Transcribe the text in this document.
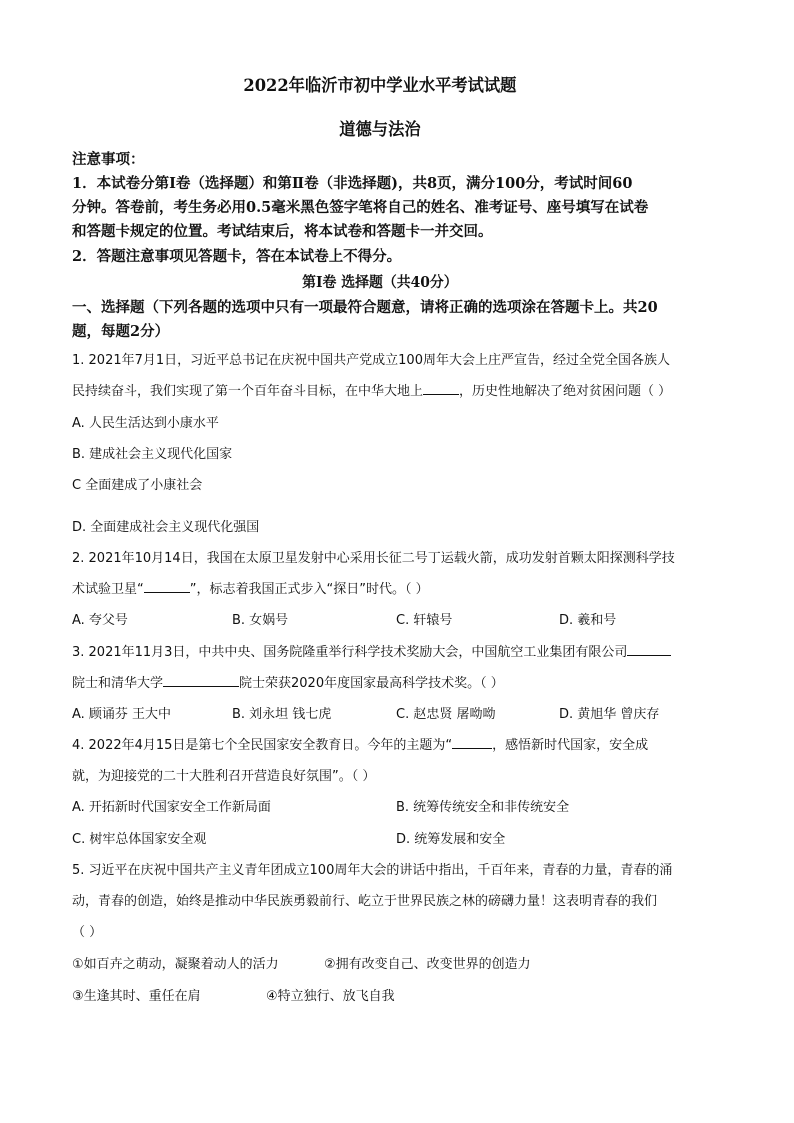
2022年临沂市初中学业水平考试试题
道德与法治
注意事项：
1．本试卷分第Ⅰ卷（选择题）和第Ⅱ卷（非选择题)，共8页，满分100分，考试时间60
分钟。答卷前，考生务必用0.5毫米黑色签字笔将自己的姓名、准考证号、座号填写在试卷
和答题卡规定的位置。考试结束后，将本试卷和答题卡一并交回。
2．答题注意事项见答题卡，答在本试卷上不得分。
第Ⅰ卷 选择题（共40分）
一、选择题（下列各题的选项中只有一项最符合题意，请将正确的选项涂在答题卡上。共20
题，每题2分）
1. 2021年7月1日，习近平总书记在庆祝中国共产党成立100周年大会上庄严宣告，经过全党全国各族人
民持续奋斗，我们实现了第一个百年奋斗目标，在中华大地上	，历史性地解决了绝对贫困问题（ ）
A. 人民生活达到小康水平
B. 建成社会主义现代化国家
C 全面建成了小康社会
D. 全面建成社会主义现代化强国
2. 2021年10月14日，我国在太原卫星发射中心采用长征二号丁运载火箭，成功发射首颗太阳探测科学技
术试验卫星“	”，标志着我国正式步入“探日”时代。（ ）
A. 夸父号	B. 女娲号	C. 轩辕号	D. 羲和号
3. 2021年11月3日，中共中央、国务院隆重举行科学技术奖励大会，中国航空工业集团有限公司
院士和清华大学	院士荣获2020年度国家最高科学技术奖。（ ）
A. 顾诵芬 王大中	B. 刘永坦 钱七虎	C. 赵忠贤 屠呦呦	D. 黄旭华 曾庆存
4. 2022年4月15日是第七个全民国家安全教育日。今年的主题为“	，感悟新时代国家，安全成
就，为迎接党的二十大胜利召开营造良好氛围”。（ ）
A. 开拓新时代国家安全工作新局面	B. 统筹传统安全和非传统安全
C. 树牢总体国家安全观	D. 统筹发展和安全
5. 习近平在庆祝中国共产主义青年团成立100周年大会的讲话中指出，千百年来，青春的力量，青春的涌
动，青春的创造，始终是推动中华民族勇毅前行、屹立于世界民族之林的磅礴力量！这表明青春的我们
（ ）
①如百卉之萌动，凝聚着动人的活力	②拥有改变自己、改变世界的创造力
③生逢其时、重任在肩	④特立独行、放飞自我
